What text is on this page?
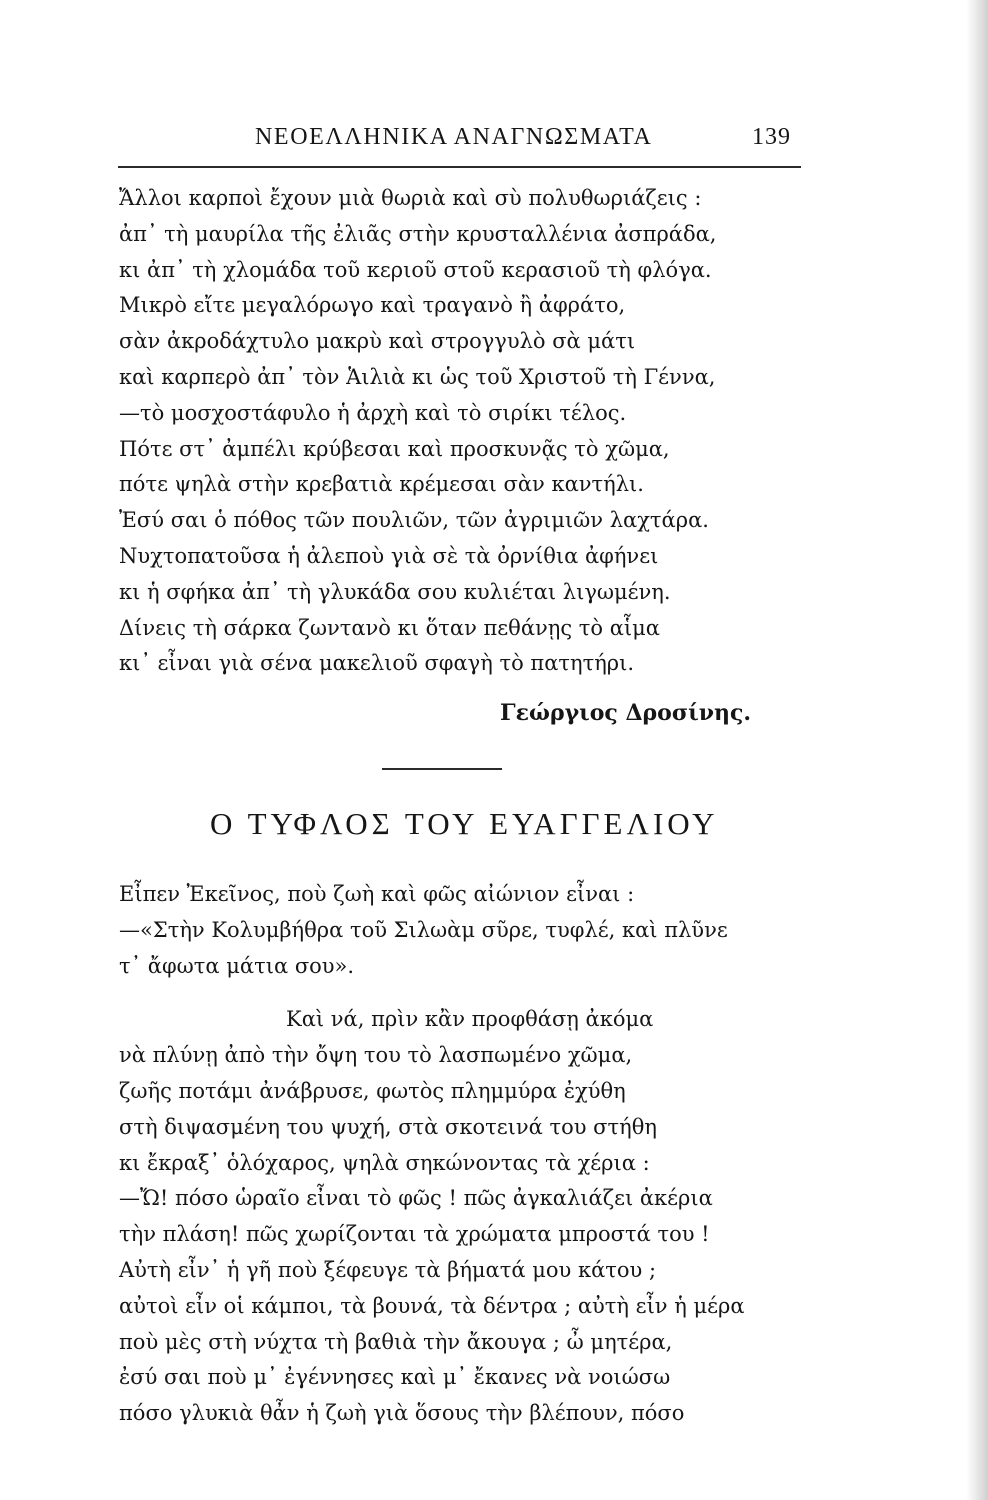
ΝΕΟΕΛΛΗΝΙΚΑ ΑΝΑΓΝΩΣΜΑΤΑ	139
Ἄλλοι καρποὶ ἔχουν μιὰ θωριὰ καὶ σὺ πολυθωριάζεις :
ἀπ᾽ τὴ μαυρίλα τῆς ἐλιᾶς στὴν κρυσταλλένια ἀσπράδα,
κι ἀπ᾽ τὴ χλομάδα τοῦ κεριοῦ στοῦ κερασιοῦ τὴ φλόγα.
Μικρὸ εἴτε μεγαλόρωγο καὶ τραγανὸ ἢ ἀφράτο,
σὰν ἀκροδάχτυλο μακρὺ καὶ στρογγυλὸ σὰ μάτι
καὶ καρπερὸ ἀπ᾽ τὸν Ἁιλιὰ κι ὡς τοῦ Χριστοῦ τὴ Γέννα,
—τὸ μοσχοστάφυλο ἡ ἀρχὴ καὶ τὸ σιρίκι τέλος.
Πότε στ᾽ ἀμπέλι κρύβεσαι καὶ προσκυνᾷς τὸ χῶμα,
πότε ψηλὰ στὴν κρεβατιὰ κρέμεσαι σὰν καντήλι.
Ἐσύ σαι ὁ πόθος τῶν πουλιῶν, τῶν ἀγριμιῶν λαχτάρα.
Νυχτοπατοῦσα ἡ ἀλεποὺ γιὰ σὲ τὰ ὀρνίθια ἀφήνει
κι ἡ σφήκα ἀπ᾽ τὴ γλυκάδα σου κυλιέται λιγωμένη.
Δίνεις τὴ σάρκα ζωντανὸ κι ὅταν πεθάνῃς τὸ αἷμα
κι᾽ εἶναι γιὰ σένα μακελιοῦ σφαγὴ τὸ πατητήρι.
Γεώργιος Δροσίνης.
Ο ΤΥΦΛΟΣ ΤΟΥ ΕΥΑΓΓΕΛΙΟΥ
Εἶπεν Ἐκεῖνος, ποὺ ζωὴ καὶ φῶς αἰώνιον εἶναι :
—«Στὴν Κολυμβήθρα τοῦ Σιλωὰμ σῦρε, τυφλέ, καὶ πλῦνε
τ᾽ ἄφωτα μάτια σου».
Καὶ νά, πρὶν κἂν προφθάσῃ ἀκόμα
νὰ πλύνῃ ἀπὸ τὴν ὄψη του τὸ λασπωμένο χῶμα,
ζωῆς ποτάμι ἀνάβρυσε, φωτὸς πλημμύρα ἐχύθη
στὴ διψασμένη του ψυχή, στὰ σκοτεινά του στήθη
κι ἔκραξ᾽ ὁλόχαρος, ψηλὰ σηκώνοντας τὰ χέρια :
—Ὤ! πόσο ὡραῖο εἶναι τὸ φῶς ! πῶς ἀγκαλιάζει ἀκέρια
τὴν πλάση! πῶς χωρίζονται τὰ χρώματα μπροστά του !
Αὐτὴ εἶν᾽ ἡ γῆ ποὺ ξέφευγε τὰ βήματά μου κάτου ;
αὐτοὶ εἶν οἱ κάμποι, τὰ βουνά, τὰ δέντρα ; αὐτὴ εἶν ἡ μέρα
ποὺ μὲς στὴ νύχτα τὴ βαθιὰ τὴν ἄκουγα ; ὦ μητέρα,
ἐσύ σαι ποὺ μ᾽ ἐγέννησες καὶ μ᾽ ἔκανες νὰ νοιώσω
πόσο γλυκιὰ θἆν ἡ ζωὴ γιὰ ὅσους τὴν βλέπουν, πόσο
